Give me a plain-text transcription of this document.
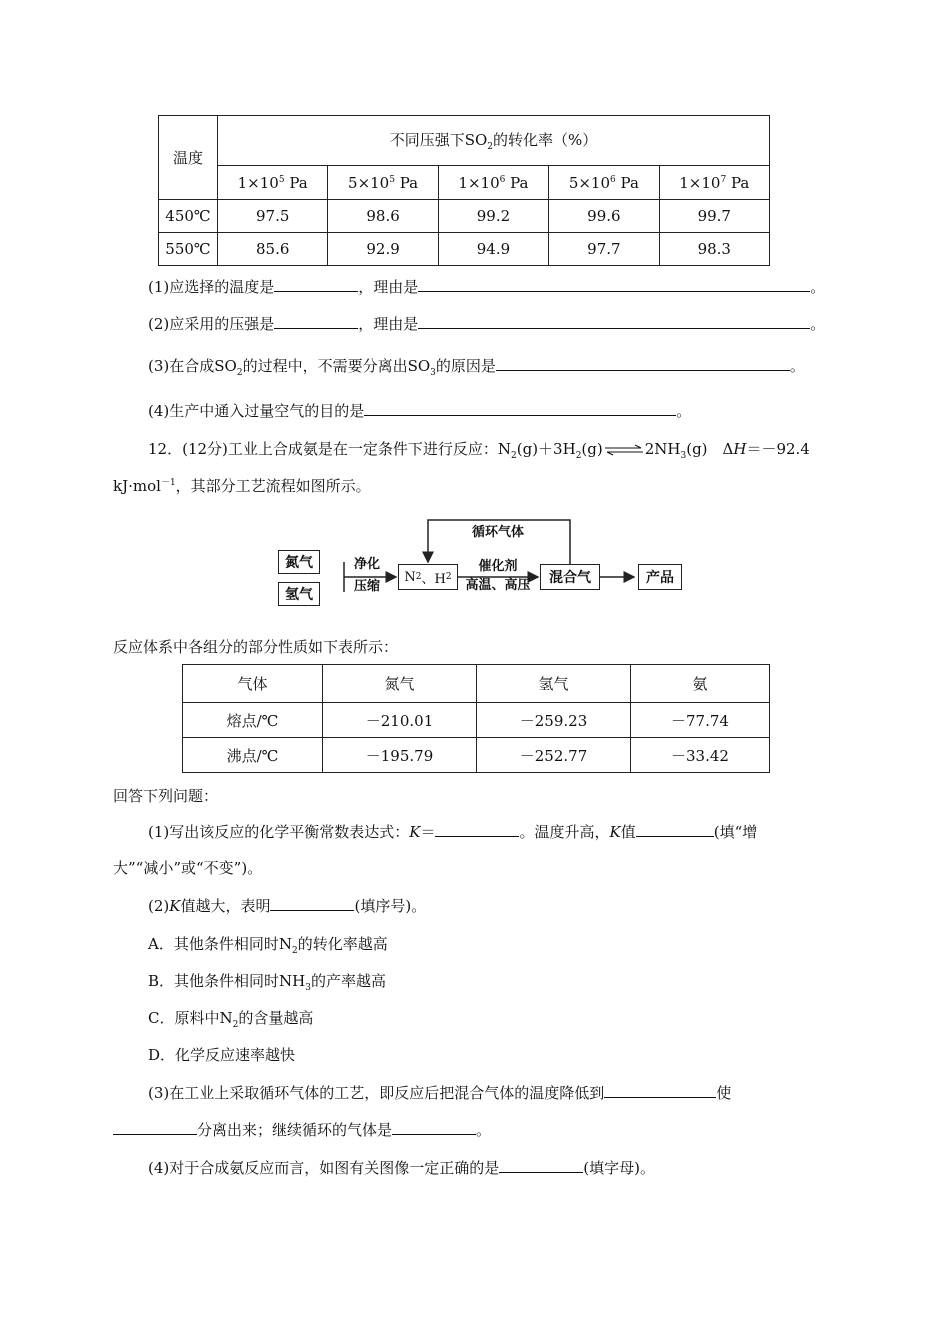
温度	不同压强下$SO_2$的转化率（%）				
	$1\times 10^5$ Pa	$5\times 10^5$ Pa	$1\times 10^6$ Pa	$5\times 10^6$ Pa	$1\times 10^7$ Pa
450℃	97.5	98.6	99.2	99.6	99.7
550℃	85.6	92.9	94.9	97.7	98.3
(1)应选择的温度是	，理由是	。
(2)应采用的压强是	，理由是	。
(3)在合成$SO_2$的过程中，不需要分离出$SO_3$的原因是	。
(4)生产中通入过量空气的目的是	。
12．(12分)工业上合成氨是在一定条件下进行反应：$N_2(g)+3H_2(g)\rightleftharpoons 2NH_3(g)$　ΔH＝－92.4
kJ·mol$^{-1}$，其部分工艺流程如图所示。
氮气
氢气
净化
压缩
N 2 、H 2
催化剂
高温、高压	混合气	产品
循环气体
反应体系中各组分的部分性质如下表所示：
气体	氮气	氢气	氨
熔点/℃	－210.01	－259.23	－77.74
沸点/℃	－195.79	－252.77	－33.42
回答下列问题：
(1)写出该反应的化学平衡常数表达式：K＝	。温度升高，K值	(填“增
大”“减小”或“不变”)。
(2)K值越大，表明	(填序号)。
A．其他条件相同时$N_2$的转化率越高
B．其他条件相同时$NH_3$的产率越高
C．原料中$N_2$的含量越高
D．化学反应速率越快
(3)在工业上采取循环气体的工艺，即反应后把混合气体的温度降低到	使
分离出来；继续循环的气体是	。
(4)对于合成氨反应而言，如图有关图像一定正确的是	(填字母)。
